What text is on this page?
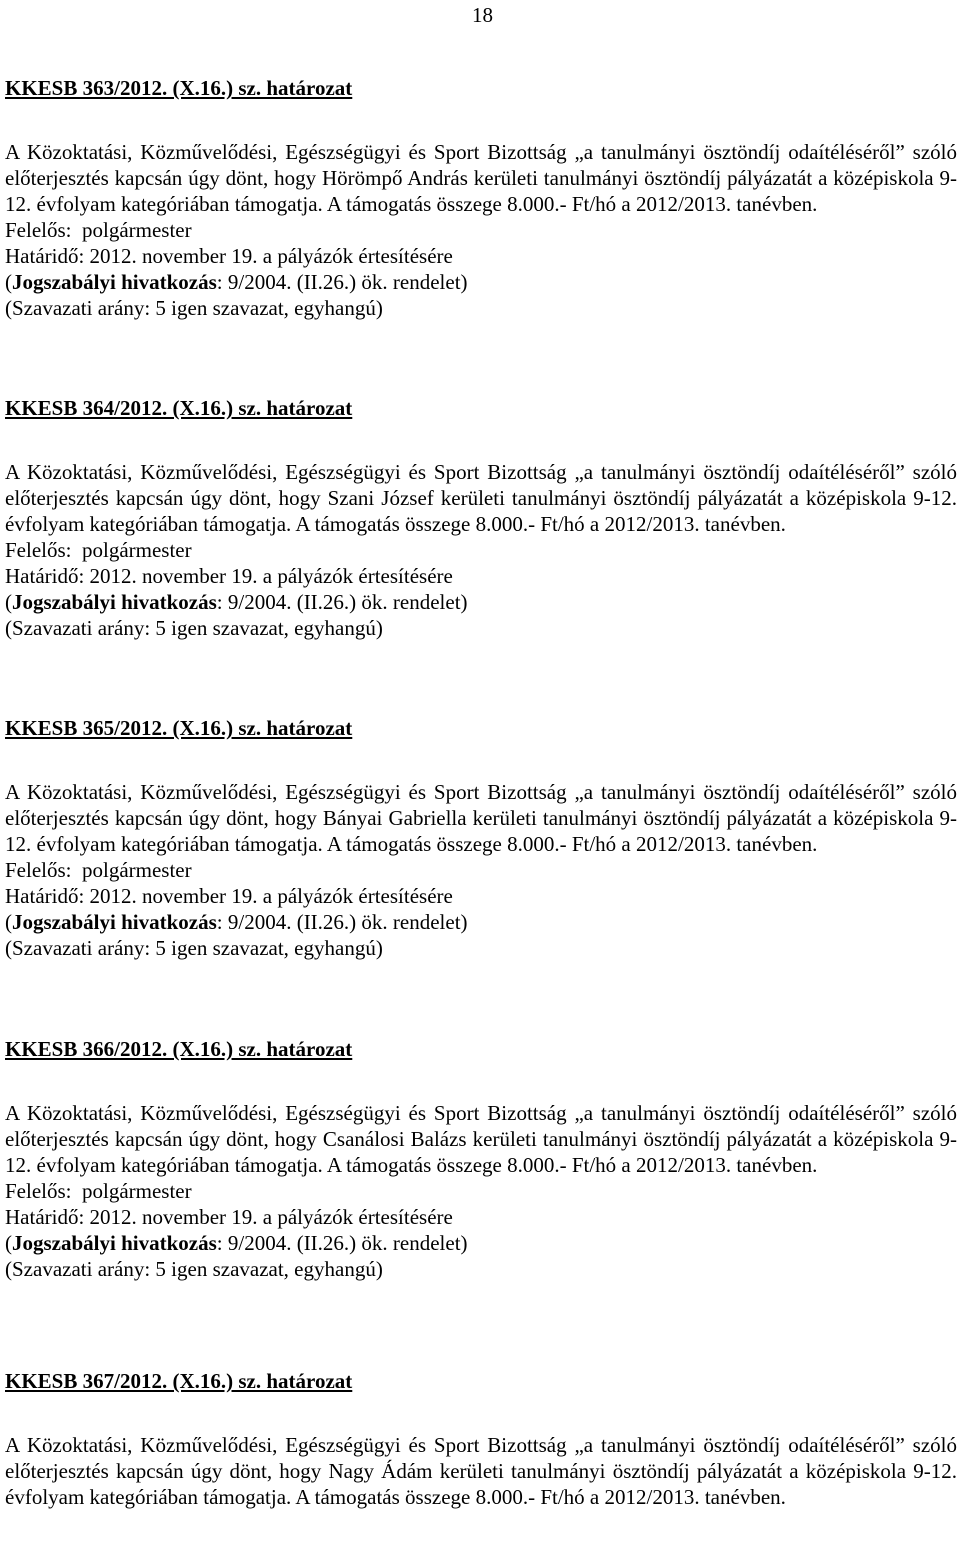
18

KKESB 363/2012. (X.16.) sz. határozat

A Közoktatási, Közművelődési, Egészségügyi és Sport Bizottság „a tanulmányi ösztöndíj odaítéléséről” szóló előterjesztés kapcsán úgy dönt, hogy Hörömpő András kerületi tanulmányi ösztöndíj pályázatát a középiskola 9-12. évfolyam kategóriában támogatja. A támogatás összege 8.000.- Ft/hó a 2012/2013. tanévben.

Felelős: polgármester

Határidő: 2012. november 19. a pályázók értesítésére

(Jogszabályi hivatkozás: 9/2004. (II.26.) ök. rendelet)

(Szavazati arány: 5 igen szavazat, egyhangú)

KKESB 364/2012. (X.16.) sz. határozat

A Közoktatási, Közművelődési, Egészségügyi és Sport Bizottság „a tanulmányi ösztöndíj odaítéléséről” szóló előterjesztés kapcsán úgy dönt, hogy Szani József kerületi tanulmányi ösztöndíj pályázatát a középiskola 9-12. évfolyam kategóriában támogatja. A támogatás összege 8.000.- Ft/hó a 2012/2013. tanévben.

Felelős: polgármester

Határidő: 2012. november 19. a pályázók értesítésére

(Jogszabályi hivatkozás: 9/2004. (II.26.) ök. rendelet)

(Szavazati arány: 5 igen szavazat, egyhangú)

KKESB 365/2012. (X.16.) sz. határozat

A Közoktatási, Közművelődési, Egészségügyi és Sport Bizottság „a tanulmányi ösztöndíj odaítéléséről” szóló előterjesztés kapcsán úgy dönt, hogy Bányai Gabriella kerületi tanulmányi ösztöndíj pályázatát a középiskola 9-12. évfolyam kategóriában támogatja. A támogatás összege 8.000.- Ft/hó a 2012/2013. tanévben.

Felelős: polgármester

Határidő: 2012. november 19. a pályázók értesítésére

(Jogszabályi hivatkozás: 9/2004. (II.26.) ök. rendelet)

(Szavazati arány: 5 igen szavazat, egyhangú)

KKESB 366/2012. (X.16.) sz. határozat

A Közoktatási, Közművelődési, Egészségügyi és Sport Bizottság „a tanulmányi ösztöndíj odaítéléséről” szóló előterjesztés kapcsán úgy dönt, hogy Csanálosi Balázs kerületi tanulmányi ösztöndíj pályázatát a középiskola 9-12. évfolyam kategóriában támogatja. A támogatás összege 8.000.- Ft/hó a 2012/2013. tanévben.

Felelős: polgármester

Határidő: 2012. november 19. a pályázók értesítésére

(Jogszabályi hivatkozás: 9/2004. (II.26.) ök. rendelet)

(Szavazati arány: 5 igen szavazat, egyhangú)

KKESB 367/2012. (X.16.) sz. határozat

A Közoktatási, Közművelődési, Egészségügyi és Sport Bizottság „a tanulmányi ösztöndíj odaítéléséről” szóló előterjesztés kapcsán úgy dönt, hogy Nagy Ádám kerületi tanulmányi ösztöndíj pályázatát a középiskola 9-12. évfolyam kategóriában támogatja. A támogatás összege 8.000.- Ft/hó a 2012/2013. tanévben.
